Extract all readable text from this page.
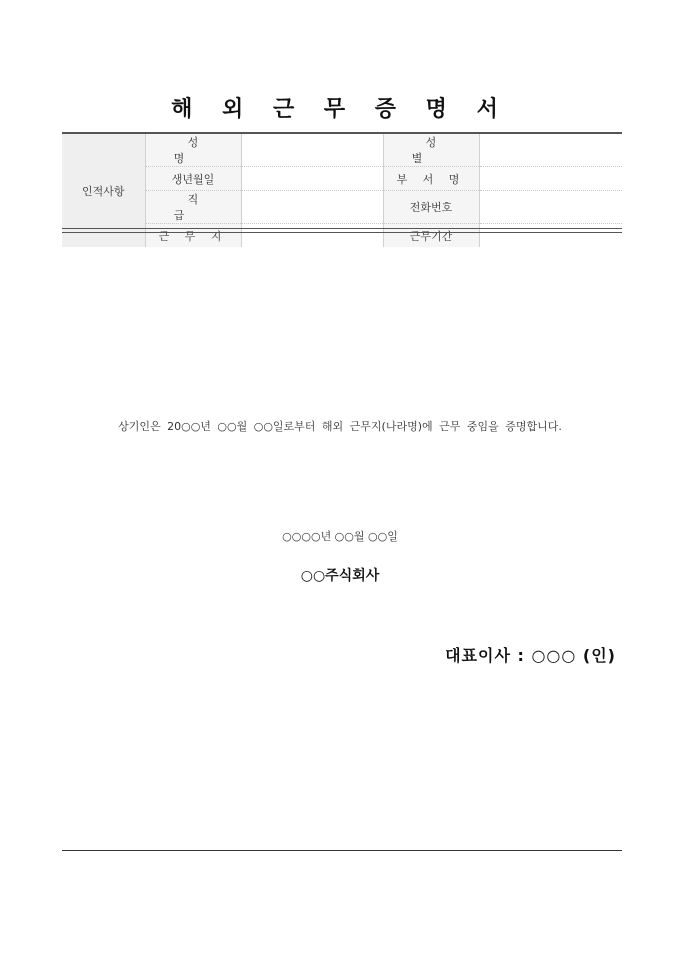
해 외 근 무 증 명 서
인적사항	성 명		성 별	
	생년월일		부 서 명	
	직 급		전화번호	
	근 무 지		근무기간	
상기인은 20○○년 ○○월 ○○일로부터 해외 근무지(나라명)에 근무 중임을 증명합니다.
○○○○년 ○○월 ○○일
○○주식회사
대표이사 : ○○○ (인)
